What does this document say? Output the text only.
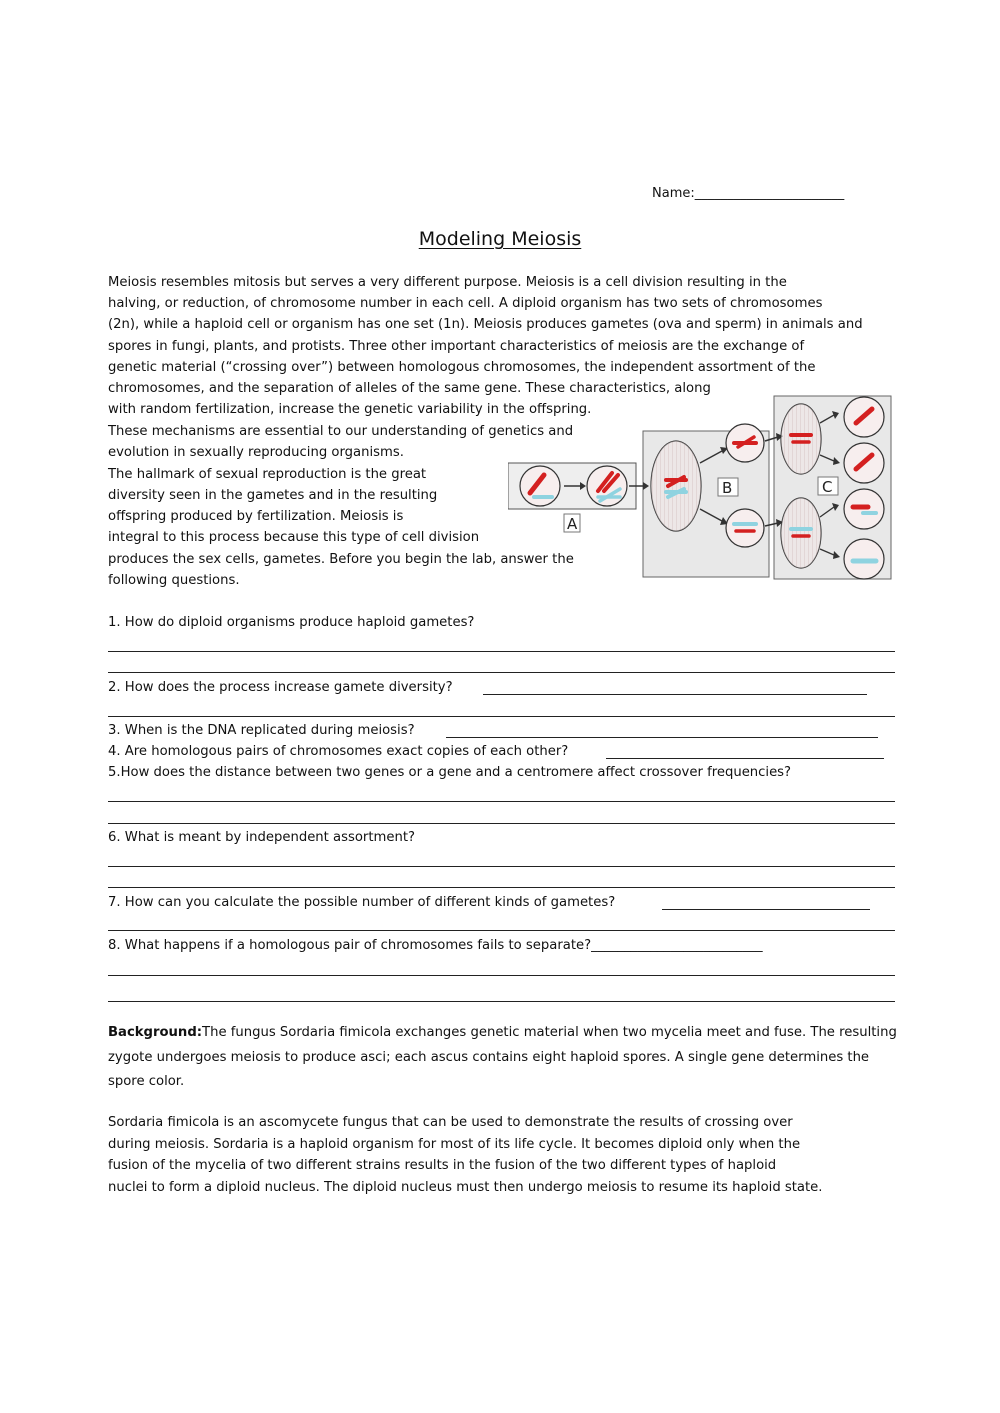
Name:_______________________
Modeling Meiosis
Meiosis resembles mitosis but serves a very different purpose. Meiosis is a cell division resulting in the
halving, or reduction, of chromosome number in each cell. A diploid organism has two sets of chromosomes
(2n), while a haploid cell or organism has one set (1n). Meiosis produces gametes (ova and sperm) in animals and
spores in fungi, plants, and protists. Three other important characteristics of meiosis are the exchange of
genetic material (“crossing over”) between homologous chromosomes, the independent assortment of the
chromosomes, and the separation of alleles of the same gene. These characteristics, along
with random fertilization, increase the genetic variability in the offspring.
These mechanisms are essential to our understanding of genetics and
evolution in sexually reproducing organisms.
The hallmark of sexual reproduction is the great
diversity seen in the gametes and in the resulting
offspring produced by fertilization. Meiosis is
integral to this process because this type of cell division
produces the sex cells, gametes. Before you begin the lab, answer the
following questions.
A
B	C
1. How do diploid organisms produce haploid gametes?
2. How does the process increase gamete diversity?
3. When is the DNA replicated during meiosis?
4. Are homologous pairs of chromosomes exact copies of each other?
5.How does the distance between two genes or a gene and a centromere affect crossover frequencies?
6. What is meant by independent assortment?
7. How can you calculate the possible number of different kinds of gametes?
8. What happens if a homologous pair of chromosomes fails to separate?__________________________
Background:The fungus Sordaria fimicola exchanges genetic material when two mycelia meet and fuse. The resulting zygote undergoes meiosis to produce asci; each ascus contains eight haploid spores. A single gene determines the spore color.
Sordaria fimicola is an ascomycete fungus that can be used to demonstrate the results of crossing over
during meiosis. Sordaria is a haploid organism for most of its life cycle. It becomes diploid only when the
fusion of the mycelia of two different strains results in the fusion of the two different types of haploid
nuclei to form a diploid nucleus. The diploid nucleus must then undergo meiosis to resume its haploid state.
